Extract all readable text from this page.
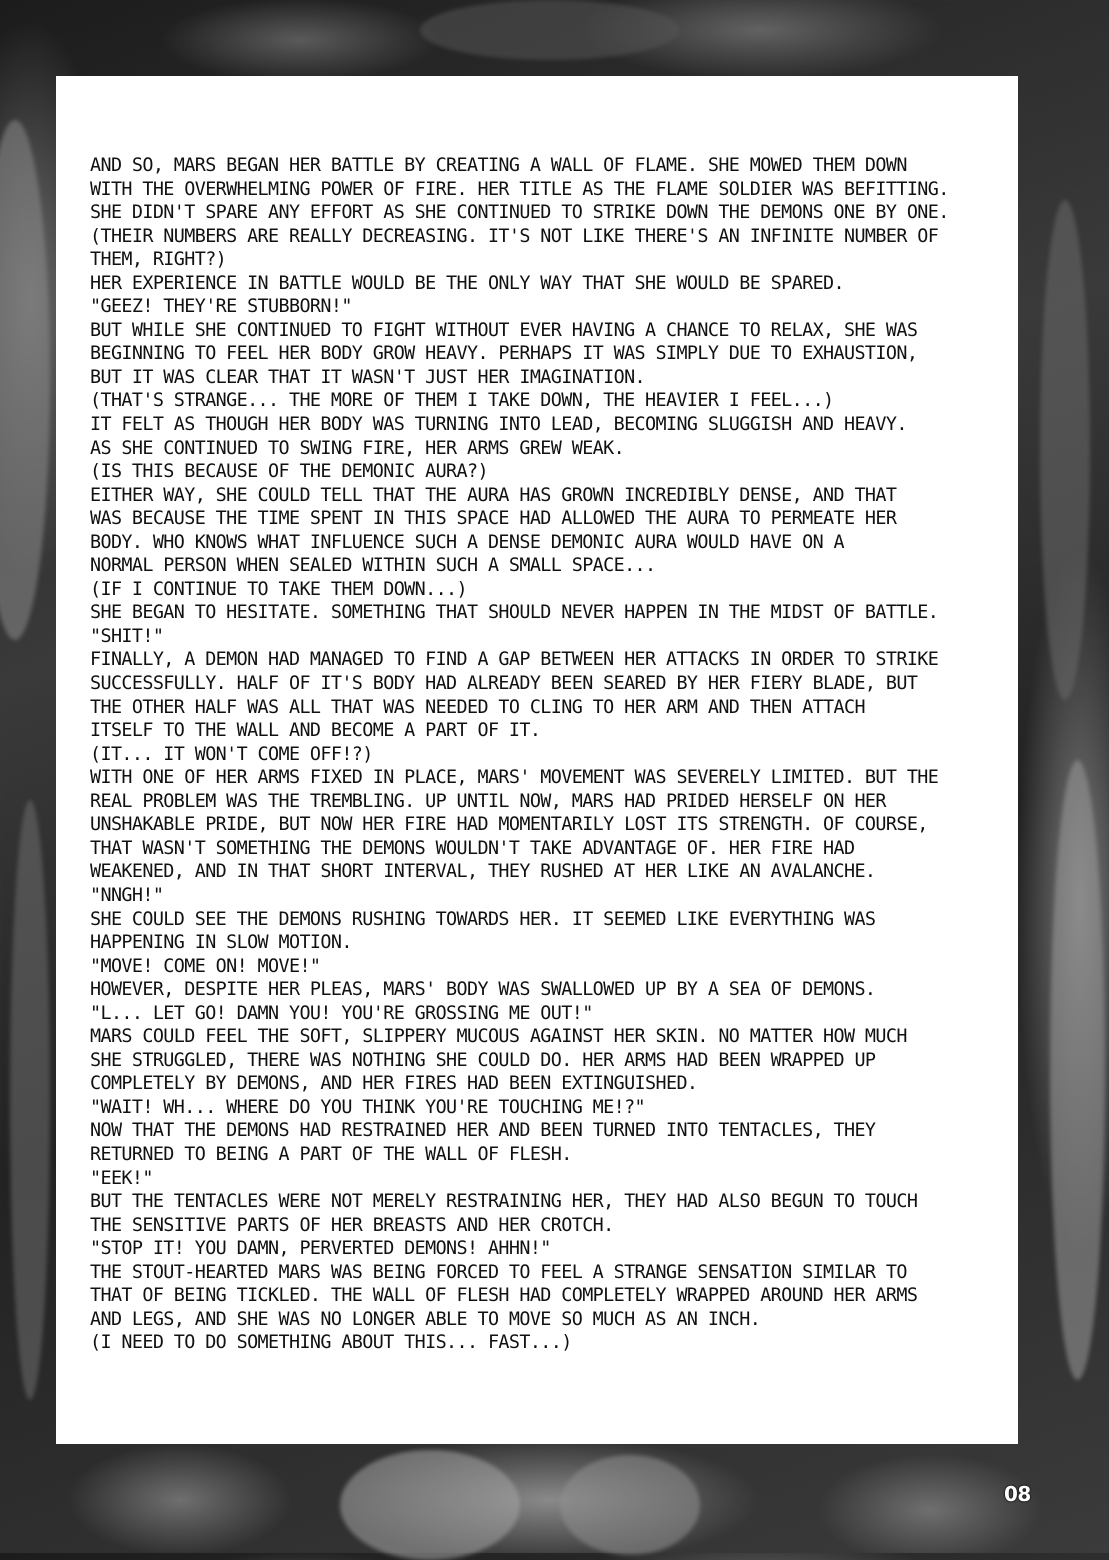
AND SO, MARS BEGAN HER BATTLE BY CREATING A WALL OF FLAME. SHE MOWED THEM DOWN
WITH THE OVERWHELMING POWER OF FIRE. HER TITLE AS THE FLAME SOLDIER WAS BEFITTING.
SHE DIDN'T SPARE ANY EFFORT AS SHE CONTINUED TO STRIKE DOWN THE DEMONS ONE BY ONE.
(THEIR NUMBERS ARE REALLY DECREASING. IT'S NOT LIKE THERE'S AN INFINITE NUMBER OF
THEM, RIGHT?)
HER EXPERIENCE IN BATTLE WOULD BE THE ONLY WAY THAT SHE WOULD BE SPARED.
"GEEZ! THEY'RE STUBBORN!"
BUT WHILE SHE CONTINUED TO FIGHT WITHOUT EVER HAVING A CHANCE TO RELAX, SHE WAS
BEGINNING TO FEEL HER BODY GROW HEAVY. PERHAPS IT WAS SIMPLY DUE TO EXHAUSTION,
BUT IT WAS CLEAR THAT IT WASN'T JUST HER IMAGINATION.
(THAT'S STRANGE... THE MORE OF THEM I TAKE DOWN, THE HEAVIER I FEEL...)
IT FELT AS THOUGH HER BODY WAS TURNING INTO LEAD, BECOMING SLUGGISH AND HEAVY.
AS SHE CONTINUED TO SWING FIRE, HER ARMS GREW WEAK.
(IS THIS BECAUSE OF THE DEMONIC AURA?)
EITHER WAY, SHE COULD TELL THAT THE AURA HAS GROWN INCREDIBLY DENSE, AND THAT
WAS BECAUSE THE TIME SPENT IN THIS SPACE HAD ALLOWED THE AURA TO PERMEATE HER
BODY. WHO KNOWS WHAT INFLUENCE SUCH A DENSE DEMONIC AURA WOULD HAVE ON A
NORMAL PERSON WHEN SEALED WITHIN SUCH A SMALL SPACE...
(IF I CONTINUE TO TAKE THEM DOWN...)
SHE BEGAN TO HESITATE. SOMETHING THAT SHOULD NEVER HAPPEN IN THE MIDST OF BATTLE.
"SHIT!"
FINALLY, A DEMON HAD MANAGED TO FIND A GAP BETWEEN HER ATTACKS IN ORDER TO STRIKE
SUCCESSFULLY. HALF OF IT'S BODY HAD ALREADY BEEN SEARED BY HER FIERY BLADE, BUT
THE OTHER HALF WAS ALL THAT WAS NEEDED TO CLING TO HER ARM AND THEN ATTACH
ITSELF TO THE WALL AND BECOME A PART OF IT.
(IT... IT WON'T COME OFF!?)
WITH ONE OF HER ARMS FIXED IN PLACE, MARS' MOVEMENT WAS SEVERELY LIMITED. BUT THE
REAL PROBLEM WAS THE TREMBLING. UP UNTIL NOW, MARS HAD PRIDED HERSELF ON HER
UNSHAKABLE PRIDE, BUT NOW HER FIRE HAD MOMENTARILY LOST ITS STRENGTH. OF COURSE,
THAT WASN'T SOMETHING THE DEMONS WOULDN'T TAKE ADVANTAGE OF. HER FIRE HAD
WEAKENED, AND IN THAT SHORT INTERVAL, THEY RUSHED AT HER LIKE AN AVALANCHE.
"NNGH!"
SHE COULD SEE THE DEMONS RUSHING TOWARDS HER. IT SEEMED LIKE EVERYTHING WAS
HAPPENING IN SLOW MOTION.
"MOVE! COME ON! MOVE!"
HOWEVER, DESPITE HER PLEAS, MARS' BODY WAS SWALLOWED UP BY A SEA OF DEMONS.
"L... LET GO! DAMN YOU! YOU'RE GROSSING ME OUT!"
MARS COULD FEEL THE SOFT, SLIPPERY MUCOUS AGAINST HER SKIN. NO MATTER HOW MUCH
SHE STRUGGLED, THERE WAS NOTHING SHE COULD DO. HER ARMS HAD BEEN WRAPPED UP
COMPLETELY BY DEMONS, AND HER FIRES HAD BEEN EXTINGUISHED.
"WAIT! WH... WHERE DO YOU THINK YOU'RE TOUCHING ME!?"
NOW THAT THE DEMONS HAD RESTRAINED HER AND BEEN TURNED INTO TENTACLES, THEY
RETURNED TO BEING A PART OF THE WALL OF FLESH.
"EEK!"
BUT THE TENTACLES WERE NOT MERELY RESTRAINING HER, THEY HAD ALSO BEGUN TO TOUCH
THE SENSITIVE PARTS OF HER BREASTS AND HER CROTCH.
"STOP IT! YOU DAMN, PERVERTED DEMONS! AHHN!"
THE STOUT-HEARTED MARS WAS BEING FORCED TO FEEL A STRANGE SENSATION SIMILAR TO
THAT OF BEING TICKLED. THE WALL OF FLESH HAD COMPLETELY WRAPPED AROUND HER ARMS
AND LEGS, AND SHE WAS NO LONGER ABLE TO MOVE SO MUCH AS AN INCH.
(I NEED TO DO SOMETHING ABOUT THIS... FAST...)
08
